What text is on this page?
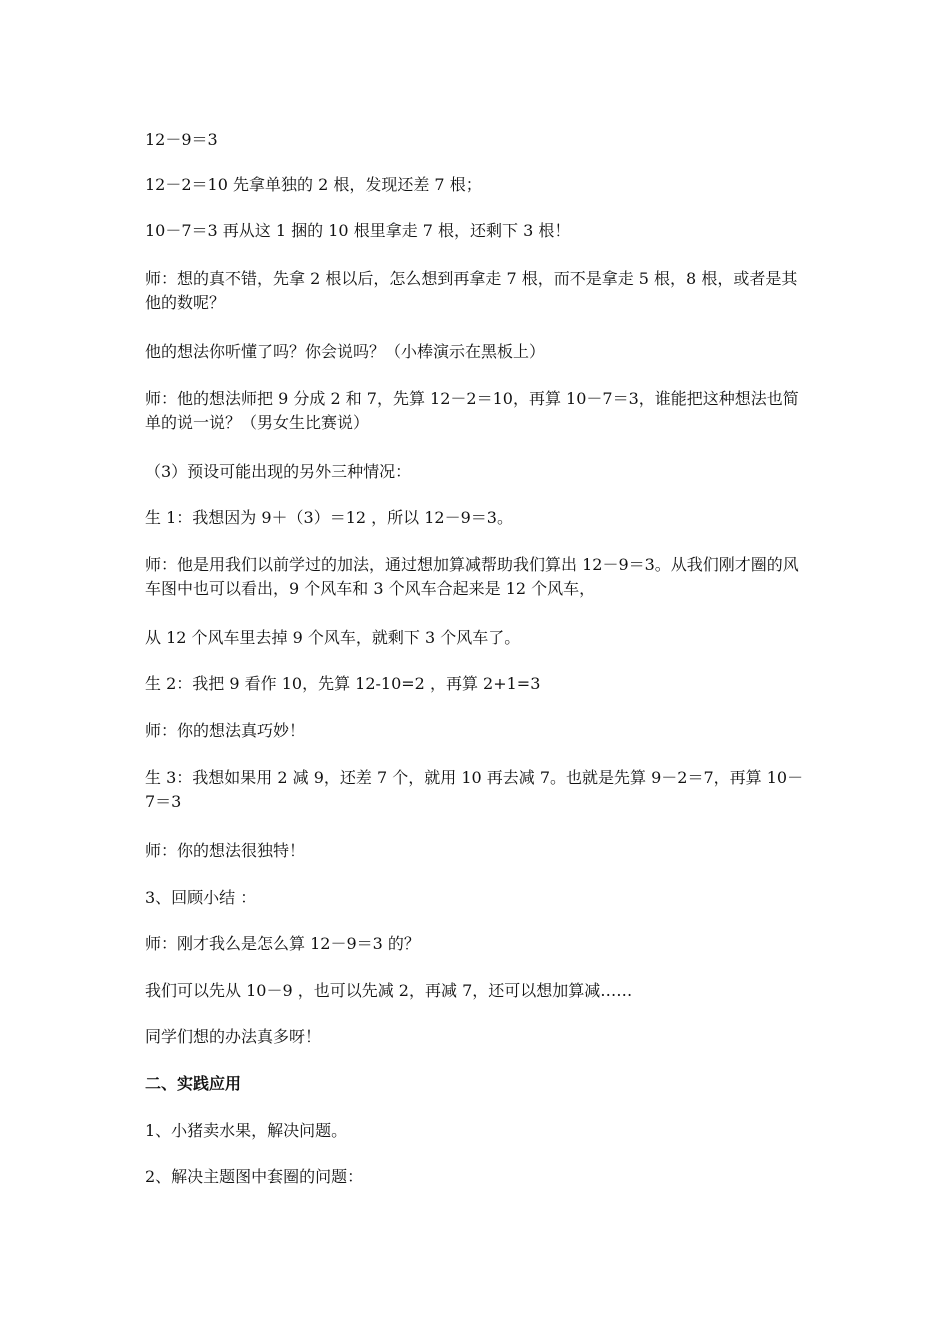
12－9＝3
12－2＝10 先拿单独的 2 根，发现还差 7 根；
10－7＝3 再从这 1 捆的 10 根里拿走 7 根，还剩下 3 根！
师：想的真不错，先拿 2 根以后，怎么想到再拿走 7 根，而不是拿走 5 根，8 根，或者是其他的数呢？
他的想法你听懂了吗？你会说吗？（小棒演示在黑板上）
师：他的想法师把 9 分成 2 和 7，先算 12－2＝10，再算 10－7＝3，谁能把这种想法也简单的说一说？（男女生比赛说）
（3）预设可能出现的另外三种情况：
生 1：我想因为 9＋（3）＝12 ，所以 12－9＝3。
师：他是用我们以前学过的加法，通过想加算减帮助我们算出 12－9＝3。从我们刚才圈的风车图中也可以看出，9 个风车和 3 个风车合起来是 12 个风车，
从 12 个风车里去掉 9 个风车，就剩下 3 个风车了。
生 2：我把 9 看作 10，先算 12-10=2 ，再算 2+1=3
师：你的想法真巧妙！
生 3：我想如果用 2 减 9，还差 7 个，就用 10 再去减 7。也就是先算 9－2＝7，再算 10－7＝3
师：你的想法很独特！
3、回顾小结 ：
师：刚才我么是怎么算 12－9＝3 的？
我们可以先从 10－9 ，也可以先减 2，再减 7，还可以想加算减……
同学们想的办法真多呀！
二、实践应用
1、小猪卖水果，解决问题。
2、解决主题图中套圈的问题：
